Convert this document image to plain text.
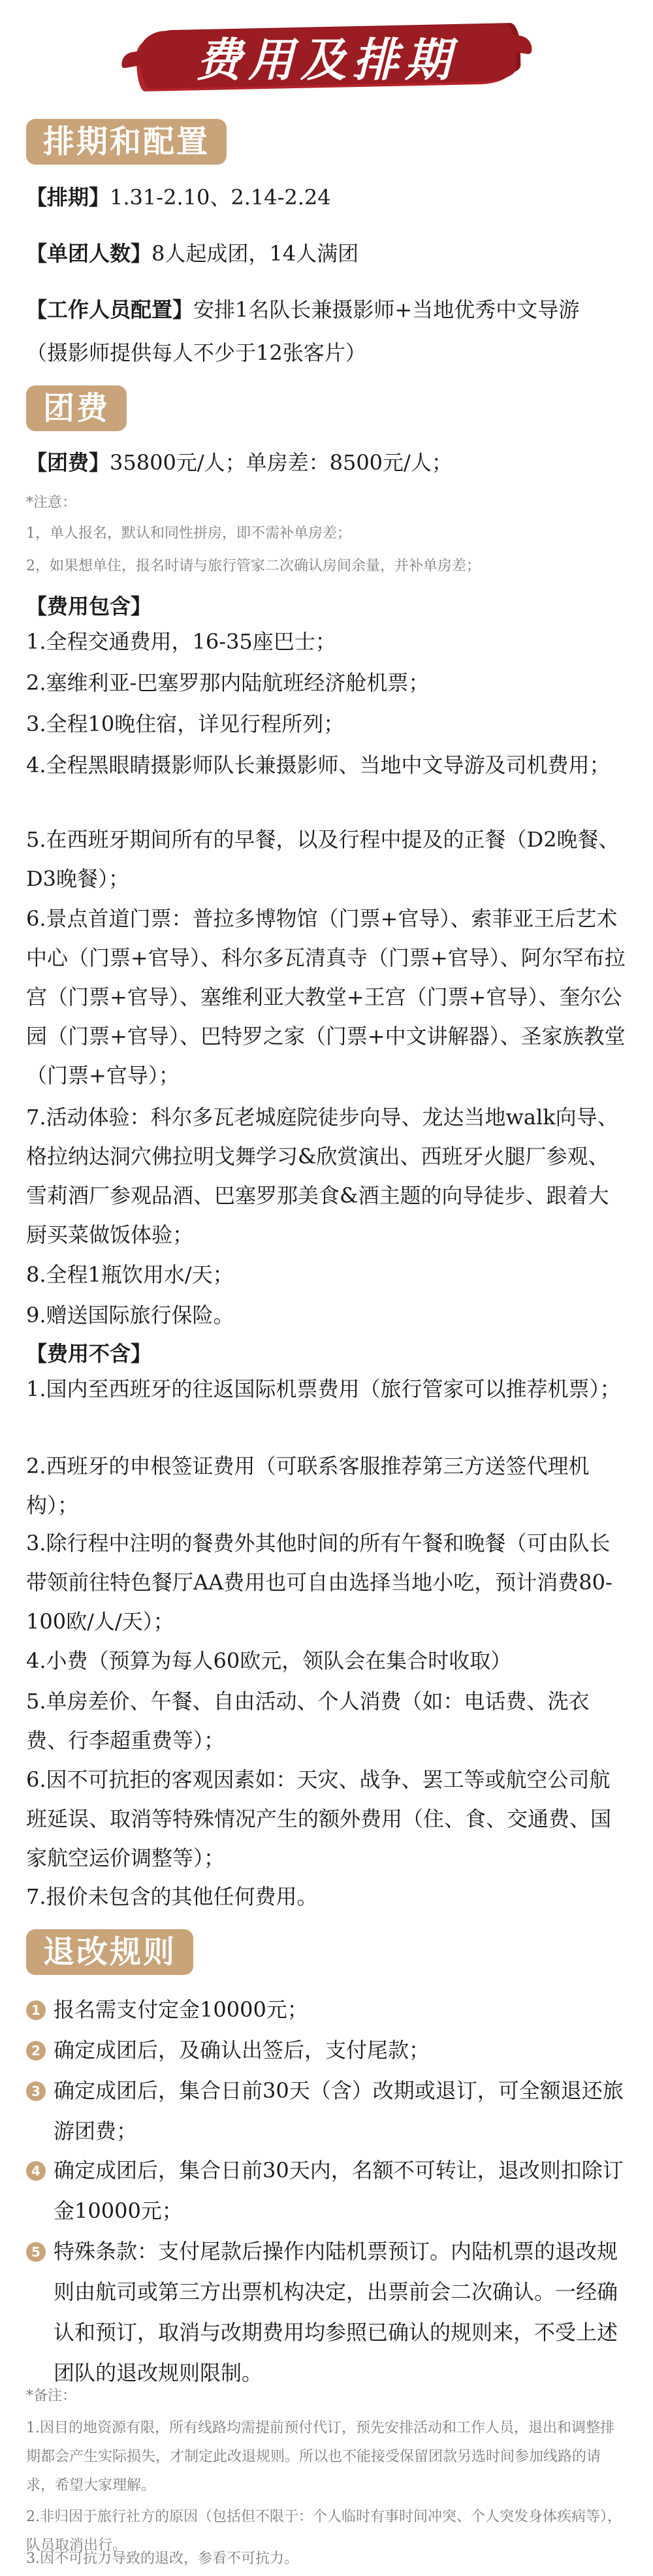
费用及排期
排期和配置
【排期】1.31-2.10、2.14-2.24
【单团人数】8人起成团，14人满团
【工作人员配置】安排1名队长兼摄影师+当地优秀中文导游
（摄影师提供每人不少于12张客片）
团费
【团费】35800元/人；单房差：8500元/人；
*注意：
1，单人报名，默认和同性拼房，即不需补单房差；
2，如果想单住，报名时请与旅行管家二次确认房间余量，并补单房差；
【费用包含】
1.全程交通费用，16-35座巴士；
2.塞维利亚-巴塞罗那内陆航班经济舱机票；
3.全程10晚住宿，详见行程所列；
4.全程黑眼睛摄影师队长兼摄影师、当地中文导游及司机费用；
5.在西班牙期间所有的早餐，以及行程中提及的正餐（D2晚餐、D3晚餐）；
6.景点首道门票：普拉多博物馆（门票+官导）、索菲亚王后艺术中心（门票+官导）、科尔多瓦清真寺（门票+官导）、阿尔罕布拉宫（门票+官导）、塞维利亚大教堂+王宫（门票+官导）、奎尔公园（门票+官导）、巴特罗之家（门票+中文讲解器）、圣家族教堂（门票+官导）；
7.活动体验：科尔多瓦老城庭院徒步向导、龙达当地walk向导、格拉纳达洞穴佛拉明戈舞学习&欣赏演出、西班牙火腿厂参观、雪莉酒厂参观品酒、巴塞罗那美食&酒主题的向导徒步、跟着大厨买菜做饭体验；
8.全程1瓶饮用水/天；
9.赠送国际旅行保险。
【费用不含】
1.国内至西班牙的往返国际机票费用（旅行管家可以推荐机票）；
2.西班牙的申根签证费用（可联系客服推荐第三方送签代理机构）；
3.除行程中注明的餐费外其他时间的所有午餐和晚餐（可由队长带领前往特色餐厅AA费用也可自由选择当地小吃，预计消费80-100欧/人/天）；
4.小费（预算为每人60欧元，领队会在集合时收取）
5.单房差价、午餐、自由活动、个人消费（如：电话费、洗衣费、行李超重费等）；
6.因不可抗拒的客观因素如：天灾、战争、罢工等或航空公司航班延误、取消等特殊情况产生的额外费用（住、食、交通费、国家航空运价调整等）；
7.报价未包含的其他任何费用。
退改规则
1 报名需支付定金10000元；
2 确定成团后，及确认出签后，支付尾款；
3 确定成团后，集合日前30天（含）改期或退订，可全额退还旅游团费；
4 确定成团后，集合日前30天内，名额不可转让，退改则扣除订金10000元；
5 特殊条款：支付尾款后操作内陆机票预订。内陆机票的退改规则由航司或第三方出票机构决定，出票前会二次确认。一经确认和预订，取消与改期费用均参照已确认的规则来，不受上述团队的退改规则限制。
*备注：
1.因目的地资源有限，所有线路均需提前预付代订，预先安排活动和工作人员，退出和调整排期都会产生实际损失，才制定此改退规则。所以也不能接受保留团款另选时间参加线路的请求，希望大家理解。
2.非归因于旅行社方的原因（包括但不限于：个人临时有事时间冲突、个人突发身体疾病等），队员取消出行。
3.因不可抗力导致的退改，参看不可抗力。
